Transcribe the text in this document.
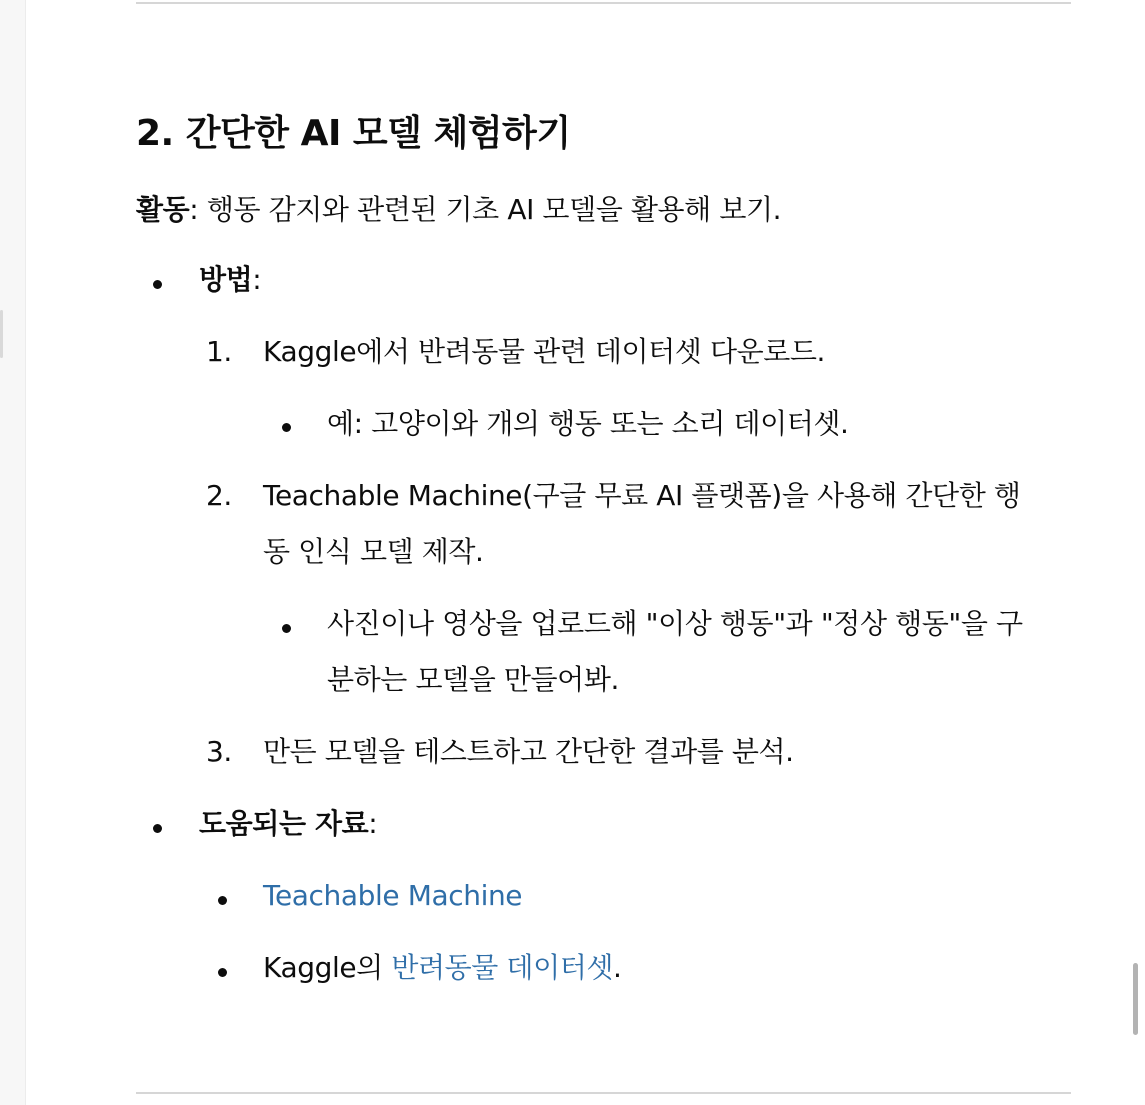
2. 간단한 AI 모델 체험하기
활동: 행동 감지와 관련된 기초 AI 모델을 활용해 보기.
방법:
1. Kaggle에서 반려동물 관련 데이터셋 다운로드.
예: 고양이와 개의 행동 또는 소리 데이터셋.
2. Teachable Machine(구글 무료 AI 플랫폼)을 사용해 간단한 행
동 인식 모델 제작.
사진이나 영상을 업로드해 "이상 행동"과 "정상 행동"을 구
분하는 모델을 만들어봐.
3. 만든 모델을 테스트하고 간단한 결과를 분석.
도움되는 자료:
Teachable Machine
Kaggle의 반려동물 데이터셋.
